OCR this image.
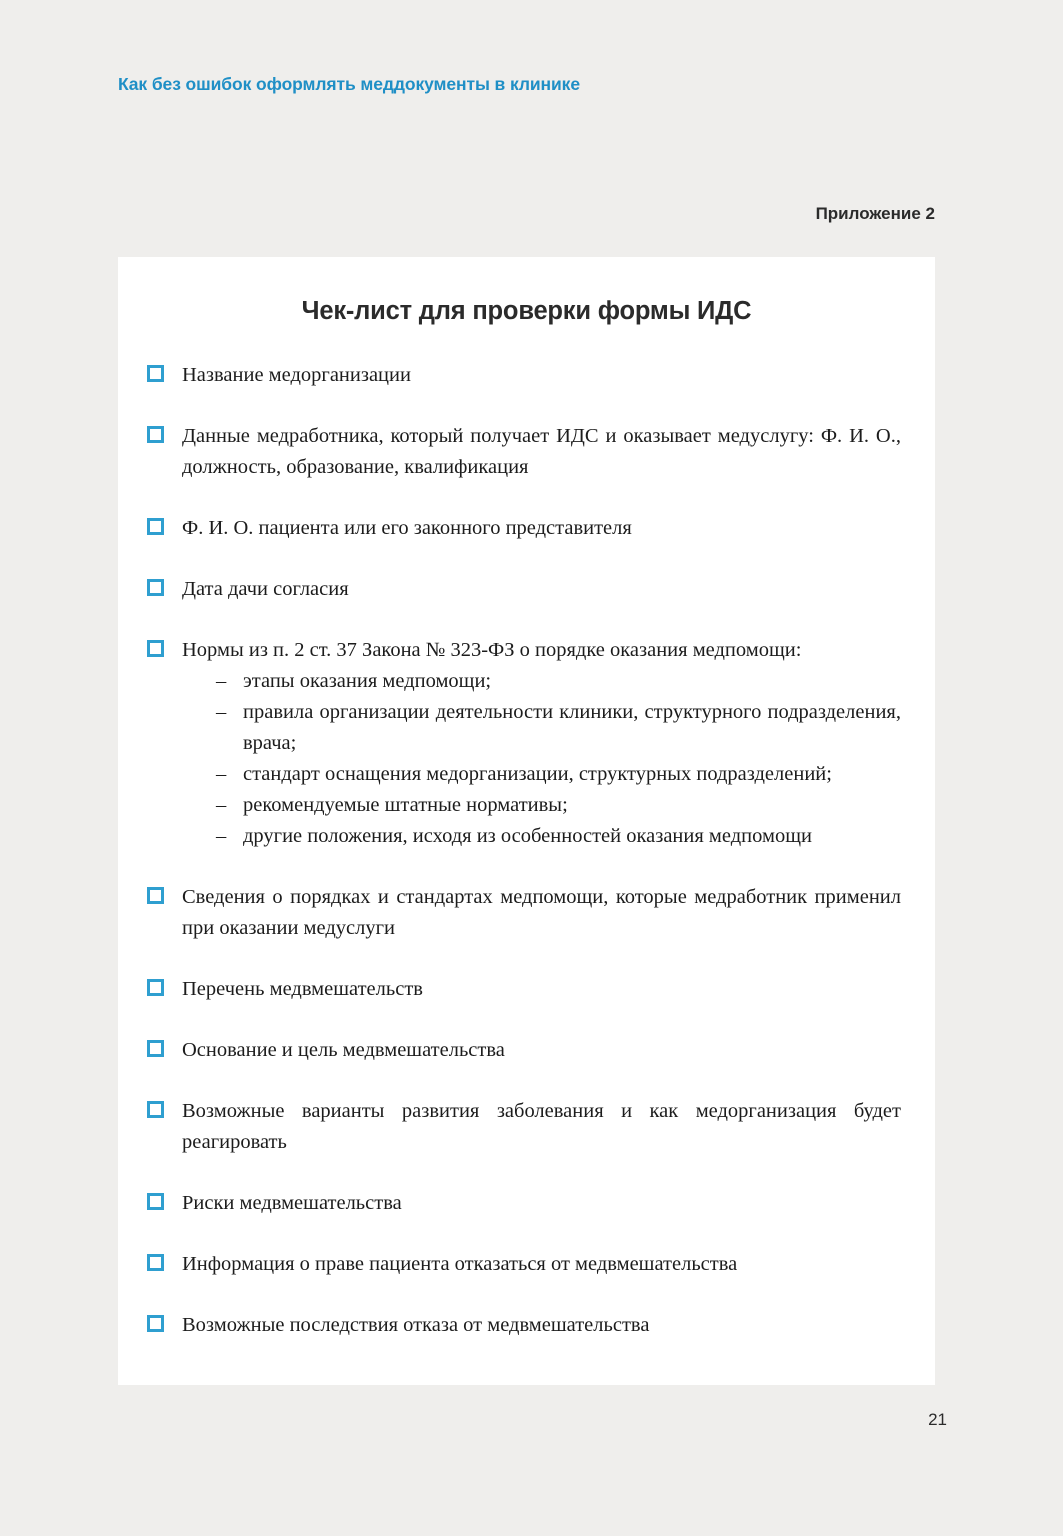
Как без ошибок оформлять меддокументы в клинике
Приложение 2
Чек-лист для проверки формы ИДС
Название медорганизации
Данные медработника, который получает ИДС и оказывает медуслугу: Ф. И. О., должность, образование, квалификация
Ф. И. О. пациента или его законного представителя
Дата дачи согласия
Нормы из п. 2 ст. 37 Закона № 323-ФЗ о порядке оказания медпомощи:
– этапы оказания медпомощи;
– правила организации деятельности клиники, структурного подразделения, врача;
– стандарт оснащения медорганизации, структурных подразделений;
– рекомендуемые штатные нормативы;
– другие положения, исходя из особенностей оказания медпомощи
Сведения о порядках и стандартах медпомощи, которые медработник применил при оказании медуслуги
Перечень медвмешательств
Основание и цель медвмешательства
Возможные варианты развития заболевания и как медорганизация будет реагировать
Риски медвмешательства
Информация о праве пациента отказаться от медвмешательства
Возможные последствия отказа от медвмешательства
21
